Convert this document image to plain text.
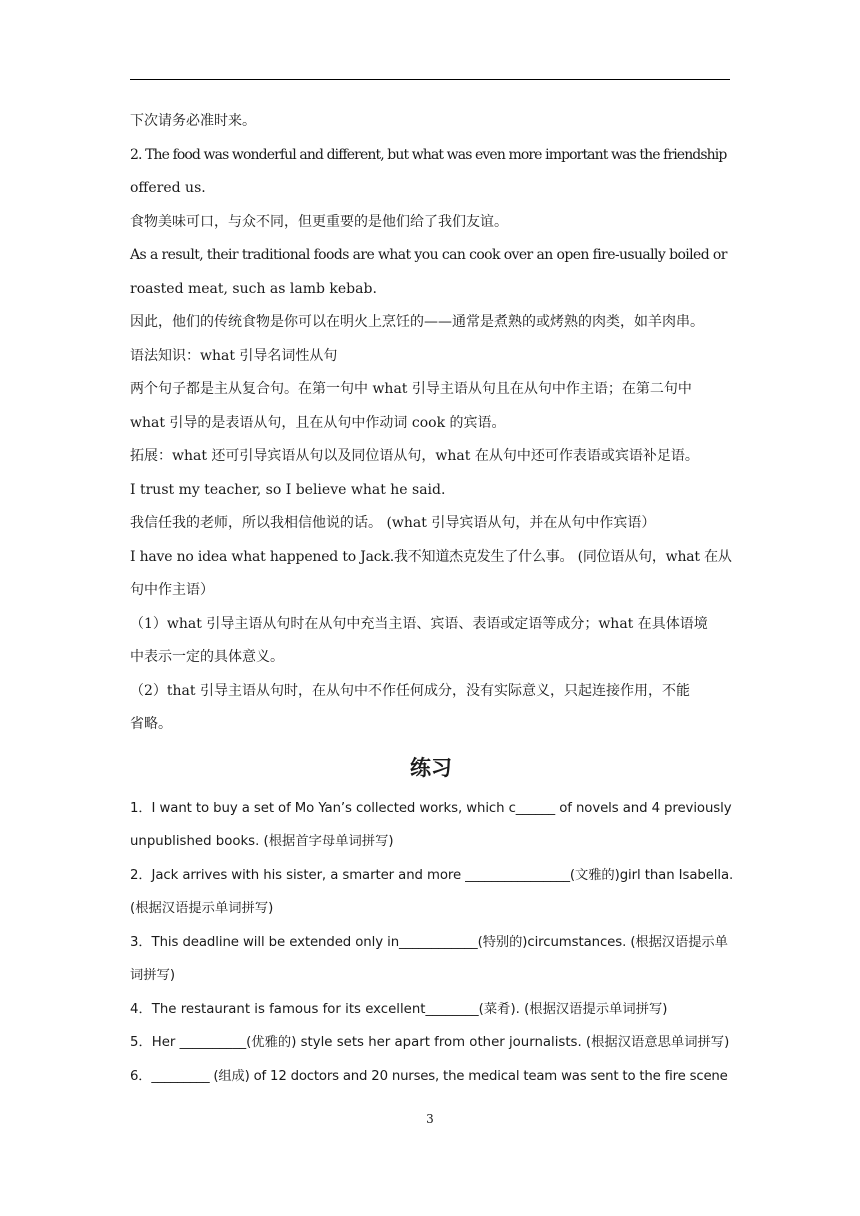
下次请务必准时来。
2. The food was wonderful and different, but what was even more important was the friendship
offered us.
食物美味可口，与众不同，但更重要的是他们给了我们友谊。
As a result, their traditional foods are what you can cook over an open fire-usually boiled or
roasted meat, such as lamb kebab.
因此，他们的传统食物是你可以在明火上烹饪的——通常是煮熟的或烤熟的肉类，如羊肉串。
语法知识：what 引导名词性从句
两个句子都是主从复合句。在第一句中 what 引导主语从句且在从句中作主语；在第二句中
what 引导的是表语从句，且在从句中作动词 cook 的宾语。
拓展：what 还可引导宾语从句以及同位语从句，what 在从句中还可作表语或宾语补足语。
I trust my teacher, so I believe what he said.
我信任我的老师，所以我相信他说的话。 (what 引导宾语从句，并在从句中作宾语）
I have no idea what happened to Jack.我不知道杰克发生了什么事。 (同位语从句，what 在从
句中作主语）
（1）what 引导主语从句时在从句中充当主语、宾语、表语或定语等成分；what 在具体语境
中表示一定的具体意义。
（2）that 引导主语从句时，在从句中不作任何成分，没有实际意义，只起连接作用，不能
省略。
练习
1．I want to buy a set of Mo Yan’s collected works, which c______ of novels and 4 previously
unpublished books. (根据首字母单词拼写)
2．Jack arrives with his sister, a smarter and more ________________(文雅的)girl than Isabella.
(根据汉语提示单词拼写)
3．This deadline will be extended only in____________(特别的)circumstances. (根据汉语提示单
词拼写)
4．The restaurant is famous for its excellent________(菜肴). (根据汉语提示单词拼写)
5．Her __________(优雅的) style sets her apart from other journalists. (根据汉语意思单词拼写)
6．_________ (组成) of 12 doctors and 20 nurses, the medical team was sent to the fire scene
3
